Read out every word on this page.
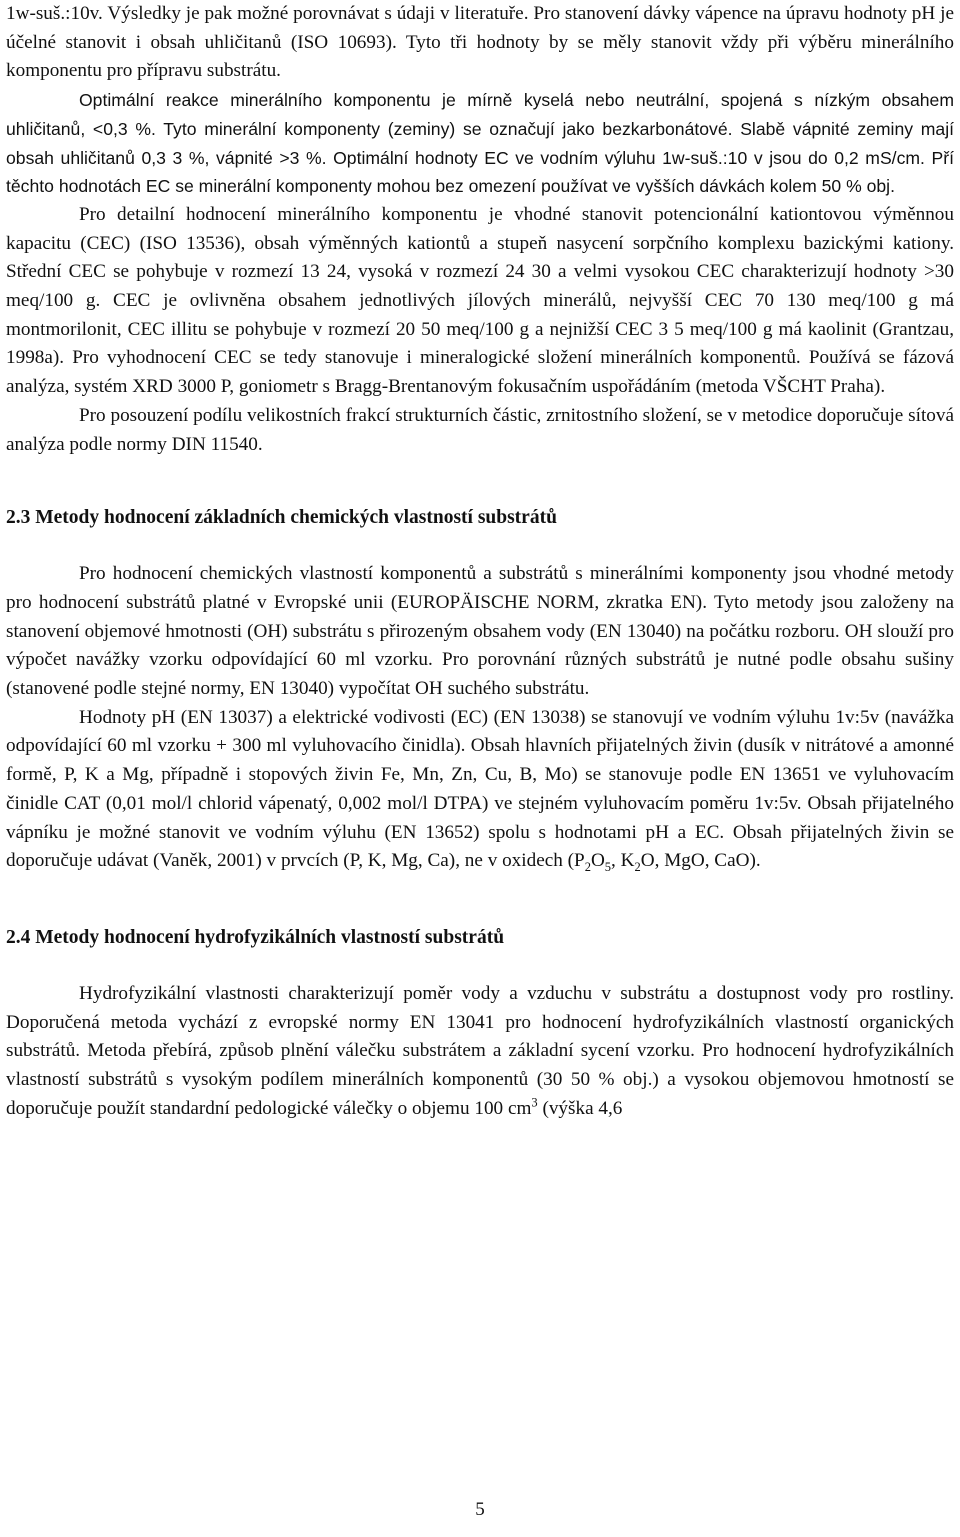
1w-suš.:10v. Výsledky je pak možné porovnávat s údaji v literatuře. Pro stanovení dávky vápence na úpravu hodnoty pH je účelné stanovit i obsah uhličitanů (ISO 10693). Tyto tři hodnoty by se měly stanovit vždy při výběru minerálního komponentu pro přípravu substrátu.

Optimální reakce minerálního komponentu je mírně kyselá nebo neutrální, spojená s nízkým obsahem uhličitanů, <0,3 %. Tyto minerální komponenty (zeminy) se označují jako bezkarbonátové. Slabě vápnité zeminy mají obsah uhličitanů 0,3 3 %, vápnité >3 %. Optimální hodnoty EC ve vodním výluhu 1w-suš.:10 v jsou do 0,2 mS/cm. Pří těchto hodnotách EC se minerální komponenty mohou bez omezení používat ve vyšších dávkách kolem 50 % obj.

Pro detailní hodnocení minerálního komponentu je vhodné stanovit potencionální kationtovou výměnnou kapacitu (CEC) (ISO 13536), obsah výměnných kationtů a stupeň nasycení sorpčního komplexu bazickými kationy. Střední CEC se pohybuje v rozmezí 13 24, vysoká v rozmezí 24 30 a velmi vysokou CEC charakterizují hodnoty >30 meq/100 g. CEC je ovlivněna obsahem jednotlivých jílových minerálů, nejvyšší CEC 70 130 meq/100 g má montmorilonit, CEC illitu se pohybuje v rozmezí 20 50 meq/100 g a nejnižší CEC 3 5 meq/100 g má kaolinit (Grantzau, 1998a). Pro vyhodnocení CEC se tedy stanovuje i mineralogické složení minerálních komponentů. Používá se fázová analýza, systém XRD 3000 P, goniometr s Bragg-Brentanovým fokusačním uspořádáním (metoda VŠCHT Praha).

Pro posouzení podílu velikostních frakcí strukturních částic, zrnitostního složení, se v metodice doporučuje sítová analýza podle normy DIN 11540.

2.3 Metody hodnocení základních chemických vlastností substrátů

Pro hodnocení chemických vlastností komponentů a substrátů s minerálními komponenty jsou vhodné metody pro hodnocení substrátů platné v Evropské unii (EUROPÄISCHE NORM, zkratka EN). Tyto metody jsou založeny na stanovení objemové hmotnosti (OH) substrátu s přirozeným obsahem vody (EN 13040) na počátku rozboru. OH slouží pro výpočet navážky vzorku odpovídající 60 ml vzorku. Pro porovnání různých substrátů je nutné podle obsahu sušiny (stanovené podle stejné normy, EN 13040) vypočítat OH suchého substrátu.

Hodnoty pH (EN 13037) a elektrické vodivosti (EC) (EN 13038) se stanovují ve vodním výluhu 1v:5v (navážka odpovídající 60 ml vzorku + 300 ml vyluhovacího činidla). Obsah hlavních přijatelných živin (dusík v nitrátové a amonné formě, P, K a Mg, případně i stopových živin Fe, Mn, Zn, Cu, B, Mo) se stanovuje podle EN 13651 ve vyluhovacím činidle CAT (0,01 mol/l chlorid vápenatý, 0,002 mol/l DTPA) ve stejném vyluhovacím poměru 1v:5v. Obsah přijatelného vápníku je možné stanovit ve vodním výluhu (EN 13652) spolu s hodnotami pH a EC. Obsah přijatelných živin se doporučuje udávat (Vaněk, 2001) v prvcích (P, K, Mg, Ca), ne v oxidech ($P_2O_5$, $K_2O$, MgO, CaO).

2.4 Metody hodnocení hydrofyzikálních vlastností substrátů

Hydrofyzikální vlastnosti charakterizují poměr vody a vzduchu v substrátu a dostupnost vody pro rostliny. Doporučená metoda vychází z evropské normy EN 13041 pro hodnocení hydrofyzikálních vlastností organických substrátů. Metoda přebírá, způsob plnění válečku substrátem a základní sycení vzorku. Pro hodnocení hydrofyzikálních vlastností substrátů s vysokým podílem minerálních komponentů (30 50 % obj.) a vysokou objemovou hmotností se doporučuje použít standardní pedologické válečky o objemu 100 $cm^3$ (výška 4,6

5
